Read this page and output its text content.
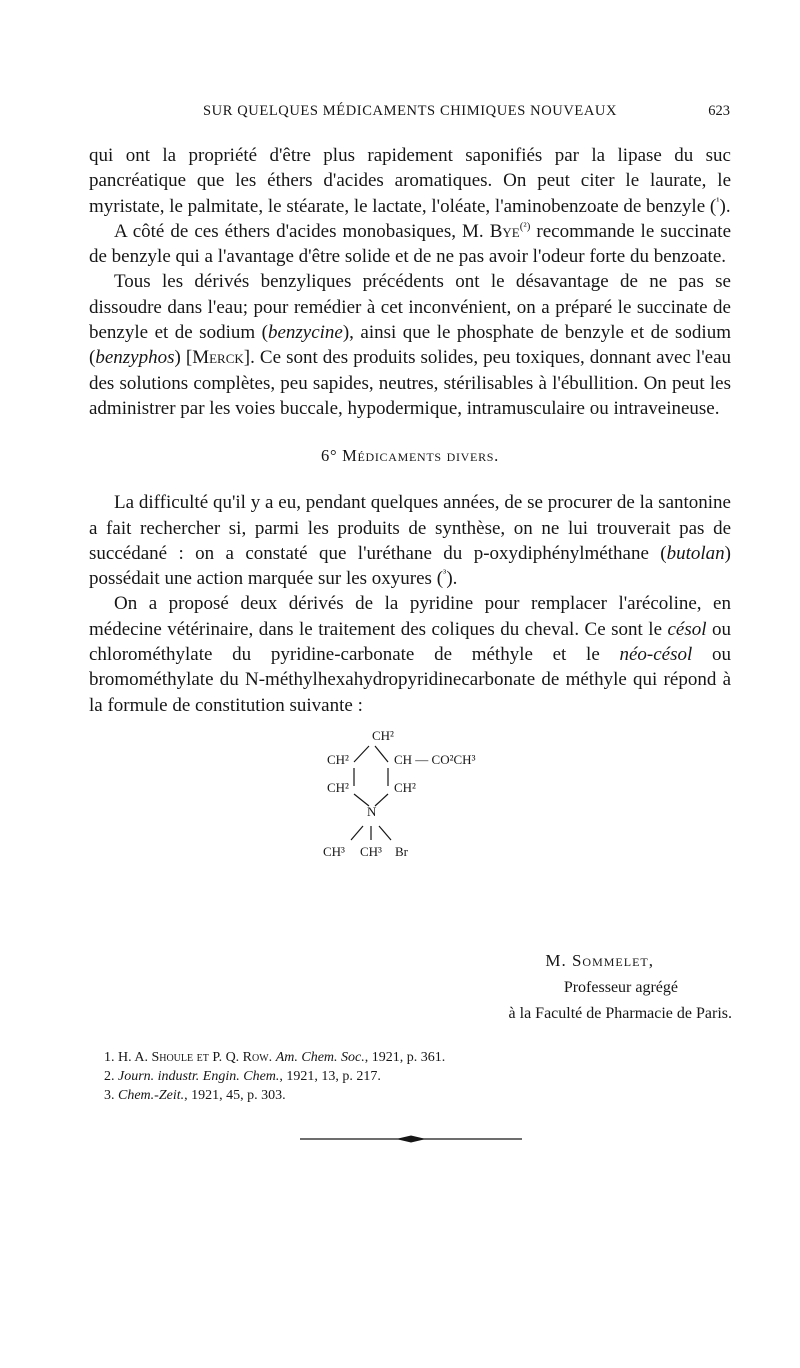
SUR QUELQUES MÉDICAMENTS CHIMIQUES NOUVEAUX	623

qui ont la propriété d'être plus rapidement saponifiés par la lipase du suc pancréatique que les éthers d'acides aromatiques. On peut citer le laurate, le myristate, le palmitate, le stéarate, le lactate, l'oléate, l'aminobenzoate de benzyle ($^{^1}$).

A côté de ces éthers d'acides monobasiques, M. Bye$^{(^2)}$ recommande le succinate de benzyle qui a l'avantage d'être solide et de ne pas avoir l'odeur forte du benzoate.

Tous les dérivés benzyliques précédents ont le désavantage de ne pas se dissoudre dans l'eau; pour remédier à cet inconvénient, on a préparé le succinate de benzyle et de sodium (benzycine), ainsi que le phosphate de benzyle et de sodium (benzyphos) [Merck]. Ce sont des produits solides, peu toxiques, donnant avec l'eau des solutions complètes, peu sapides, neutres, stérilisables à l'ébullition. On peut les administrer par les voies buccale, hypodermique, intramusculaire ou intraveineuse.

6° Médicaments divers.

La difficulté qu'il y a eu, pendant quelques années, de se procurer de la santonine a fait rechercher si, parmi les produits de synthèse, on ne lui trouverait pas de succédané : on a constaté que l'uréthane du p-oxydiphénylméthane (butolan) possédait une action marquée sur les oxyures ($^{^3}$).

On a proposé deux dérivés de la pyridine pour remplacer l'arécoline, en médecine vétérinaire, dans le traitement des coliques du cheval. Ce sont le césol ou chlorométhylate du pyridine-carbonate de méthyle et le néo-césol ou bromométhylate du N-méthylhexahydropyridinecarbonate de méthyle qui répond à la formule de constitution suivante :

CH²
CH²	CH — CO²CH³
CH²	CH²
N
CH³ CH³ Br
M. Sommelet,
Professeur agrégé
à la Faculté de Pharmacie de Paris.
1. H. A. Shoule et P. Q. Row. Am. Chem. Soc., 1921, p. 361.
2. Journ. industr. Engin. Chem., 1921, 13, p. 217.
3. Chem.-Zeit., 1921, 45, p. 303.
